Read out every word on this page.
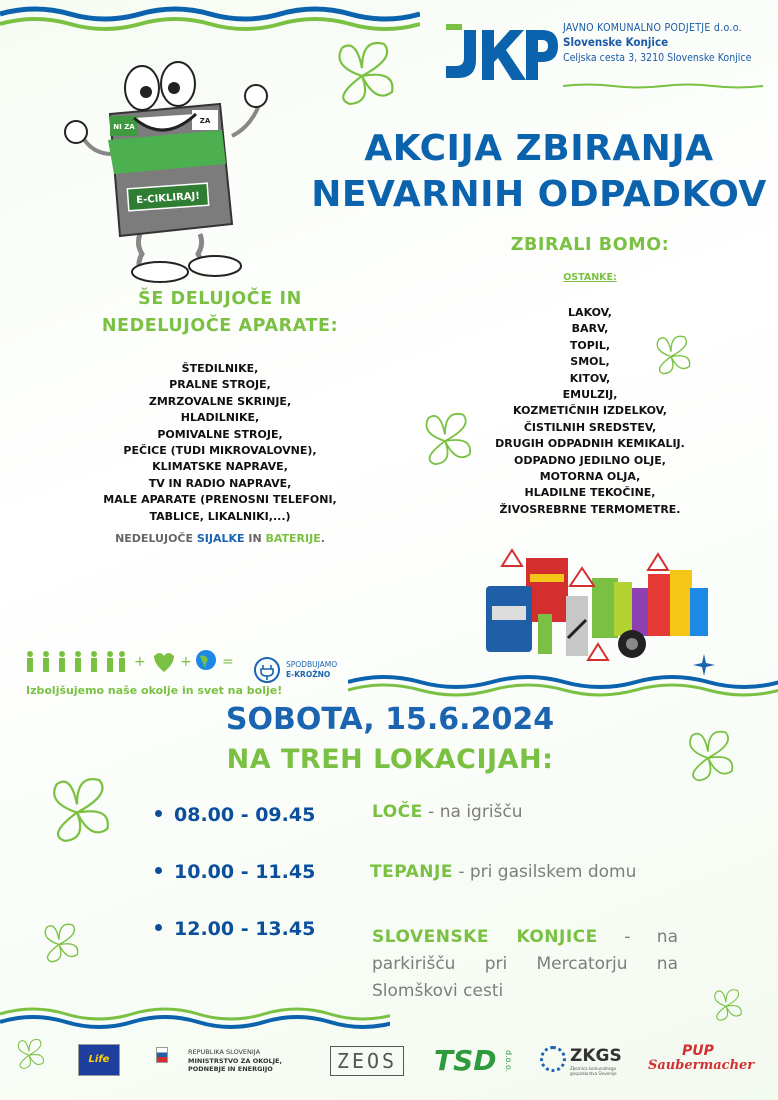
JAVNO KOMUNALNO PODJETJE d.o.o.
Slovenske Konjice
Celjska cesta 3, 3210 Slovenske Konjice
E-CIKLIRAJ!
NI ZA
ZA
AKCIJA ZBIRANJA
NEVARNIH ODPADKOV
ŠE DELUJOČE IN
NEDELUJOČE APARATE:
ŠTEDILNIKE,
PRALNE STROJE,
ZMRZOVALNE SKRINJE,
HLADILNIKE,
POMIVALNE STROJE,
PEČICE (TUDI MIKROVALOVNE),
KLIMATSKE NAPRAVE,
TV IN RADIO NAPRAVE,
MALE APARATE (PRENOSNI TELEFONI,
TABLICE, LIKALNIKI,...)
NEDELUJOČE SIJALKE IN BATERIJE.
ZBIRALI BOMO:
OSTANKE:
LAKOV,
BARV,
TOPIL,
SMOL,
KITOV,
EMULZIJ,
KOZMETIČNIH IZDELKOV,
ČISTILNIH SREDSTEV,
DRUGIH ODPADNIH KEMIKALIJ.
ODPADNO JEDILNO OLJE,
MOTORNA OLJA,
HLADILNE TEKOČINE,
ŽIVOSREBRNE TERMOMETRE.
+ + =
Izboljšujemo naše okolje in svet na bolje!
SPODBUJAMO
E-KROŽNO
SOBOTA, 15.6.2024
NA TREH LOKACIJAH:
08.00 - 09.45	LOČE - na igrišču
10.00 - 11.45	TEPANJE - pri gasilskem domu
12.00 - 13.45	SLOVENSKE KONJICE - na parkirišču pri Mercatorju na Slomškovi cesti
Life
REPUBLIKA SLOVENIJA
MINISTRSTVO ZA OKOLJE,
PODNEBJE IN ENERGIJO	ZEOS TSD d.o.o.	ZKGS
Zbornica komunalnega gospodarstva Slovenije
PUP
Saubermacher
